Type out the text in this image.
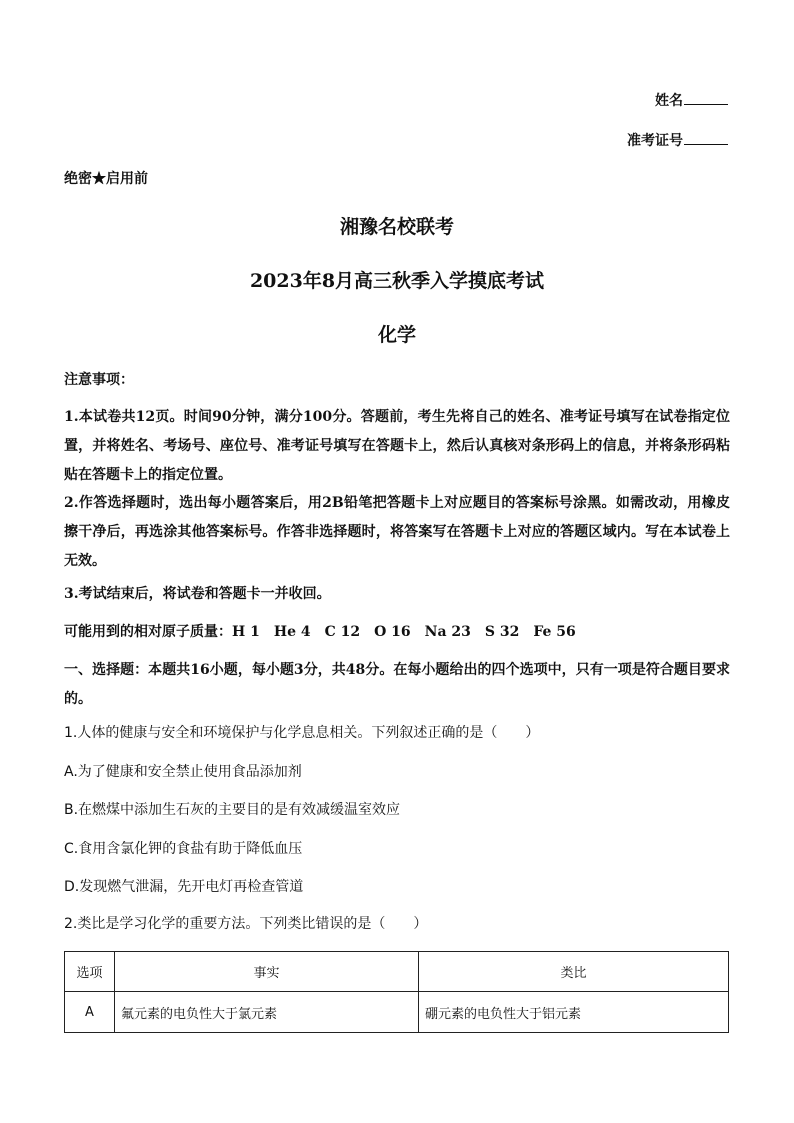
姓名
准考证号
绝密★启用前
湘豫名校联考
2023年8月高三秋季入学摸底考试
化学
注意事项：
1.本试卷共12页。时间90分钟，满分100分。答题前，考生先将自己的姓名、准考证号填写在试卷指定位置，并将姓名、考场号、座位号、准考证号填写在答题卡上，然后认真核对条形码上的信息，并将条形码粘贴在答题卡上的指定位置。
2.作答选择题时，选出每小题答案后，用2B铅笔把答题卡上对应题目的答案标号涂黑。如需改动，用橡皮擦干净后，再选涂其他答案标号。作答非选择题时，将答案写在答题卡上对应的答题区域内。写在本试卷上无效。
3.考试结束后，将试卷和答题卡一并收回。
可能用到的相对原子质量：H 1　He 4　C 12　O 16　Na 23　S 32　Fe 56
一、选择题：本题共16小题，每小题3分，共48分。在每小题给出的四个选项中，只有一项是符合题目要求的。
1.人体的健康与安全和环境保护与化学息息相关。下列叙述正确的是（　　）
A.为了健康和安全禁止使用食品添加剂
B.在燃煤中添加生石灰的主要目的是有效减缓温室效应
C.食用含氯化钾的食盐有助于降低血压
D.发现燃气泄漏，先开电灯再检查管道
2.类比是学习化学的重要方法。下列类比错误的是（　　）
选项	事实	类比
A	氟元素的电负性大于氯元素	硼元素的电负性大于铝元素
